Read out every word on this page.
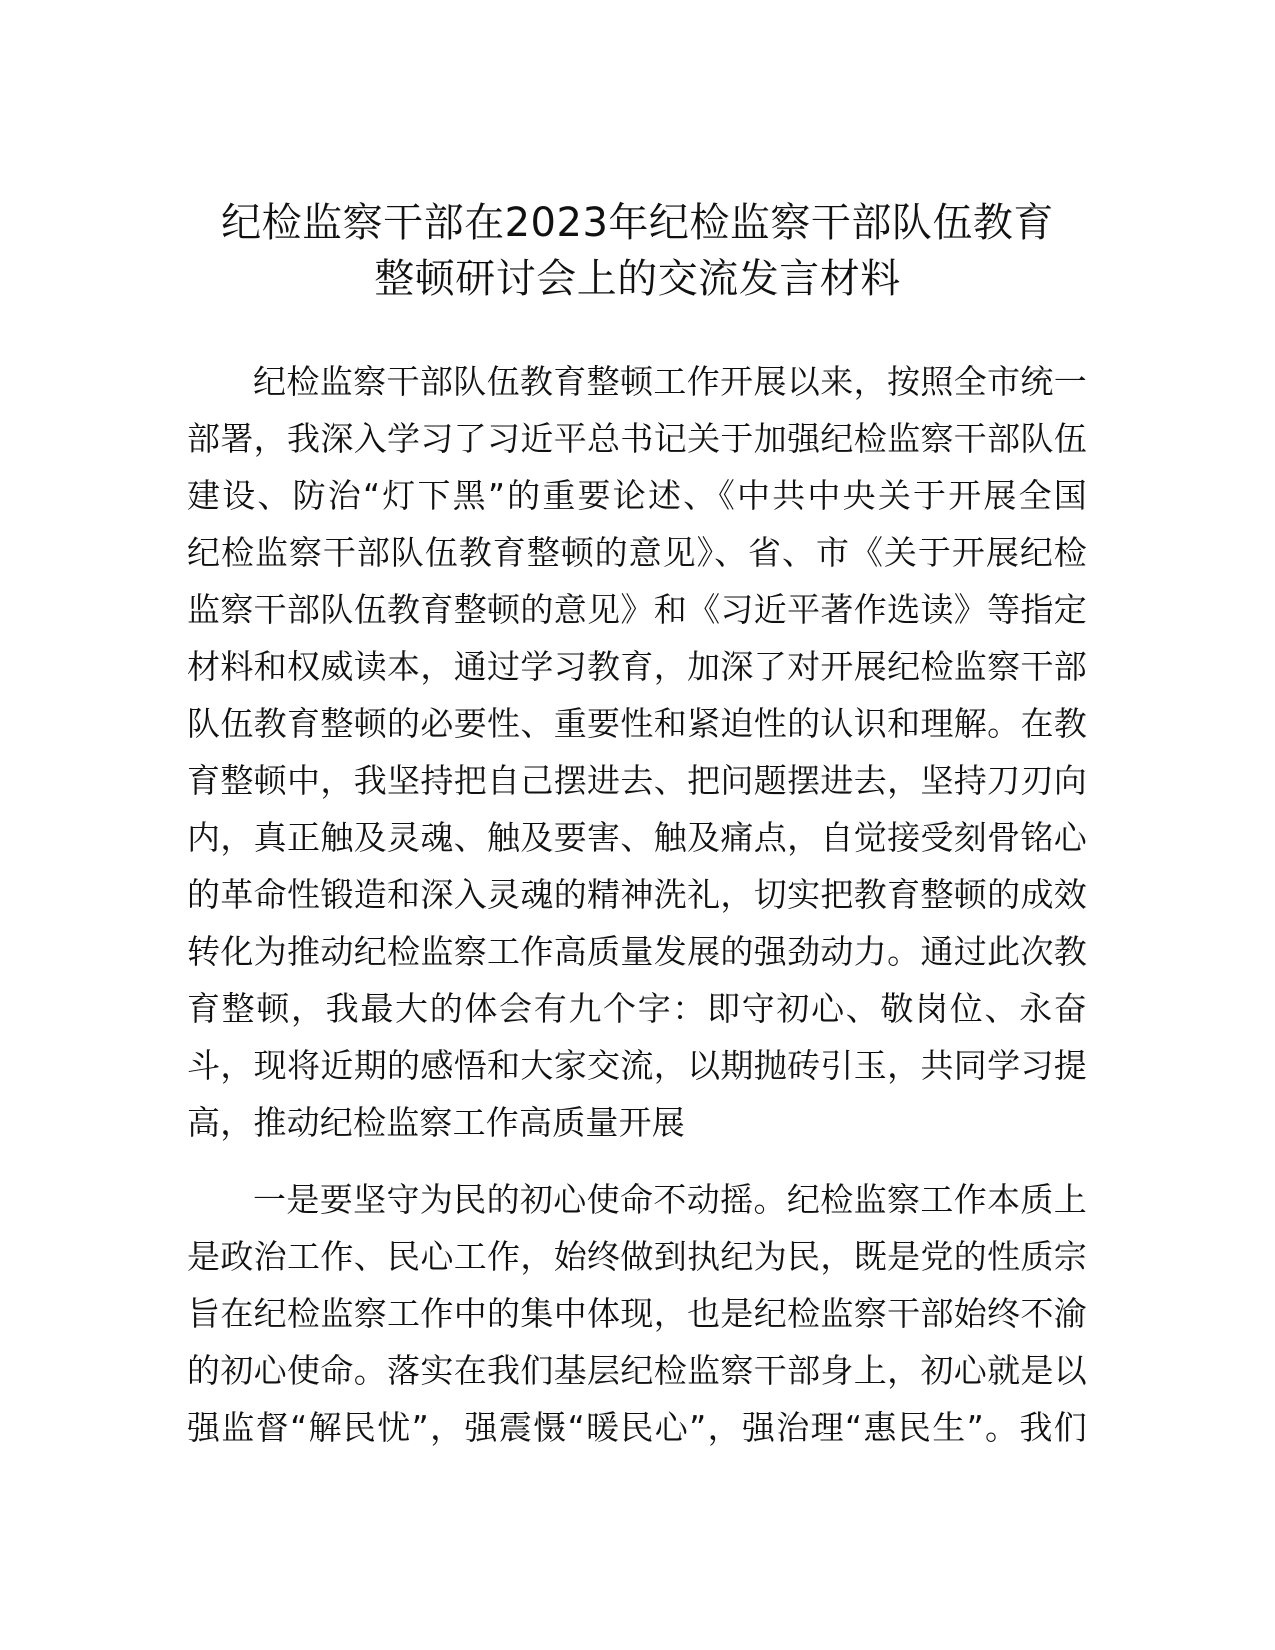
纪检监察干部在2023年纪检监察干部队伍教育
整顿研讨会上的交流发言材料
纪检监察干部队伍教育整顿工作开展以来，按照全市统一
部署，我深入学习了习近平总书记关于加强纪检监察干部队伍
建设、防治“灯下黑”的重要论述、《中共中央关于开展全国
纪检监察干部队伍教育整顿的意见》、省、市《关于开展纪检
监察干部队伍教育整顿的意见》和《习近平著作选读》等指定
材料和权威读本，通过学习教育，加深了对开展纪检监察干部
队伍教育整顿的必要性、重要性和紧迫性的认识和理解。在教
育整顿中，我坚持把自己摆进去、把问题摆进去，坚持刀刃向
内，真正触及灵魂、触及要害、触及痛点，自觉接受刻骨铭心
的革命性锻造和深入灵魂的精神洗礼，切实把教育整顿的成效
转化为推动纪检监察工作高质量发展的强劲动力。通过此次教
育整顿，我最大的体会有九个字：即守初心、敬岗位、永奋
斗，现将近期的感悟和大家交流，以期抛砖引玉，共同学习提
高，推动纪检监察工作高质量开展
一是要坚守为民的初心使命不动摇。纪检监察工作本质上
是政治工作、民心工作，始终做到执纪为民，既是党的性质宗
旨在纪检监察工作中的集中体现，也是纪检监察干部始终不渝
的初心使命。落实在我们基层纪检监察干部身上，初心就是以
强监督“解民忧”，强震慑“暖民心”，强治理“惠民生”。我们
